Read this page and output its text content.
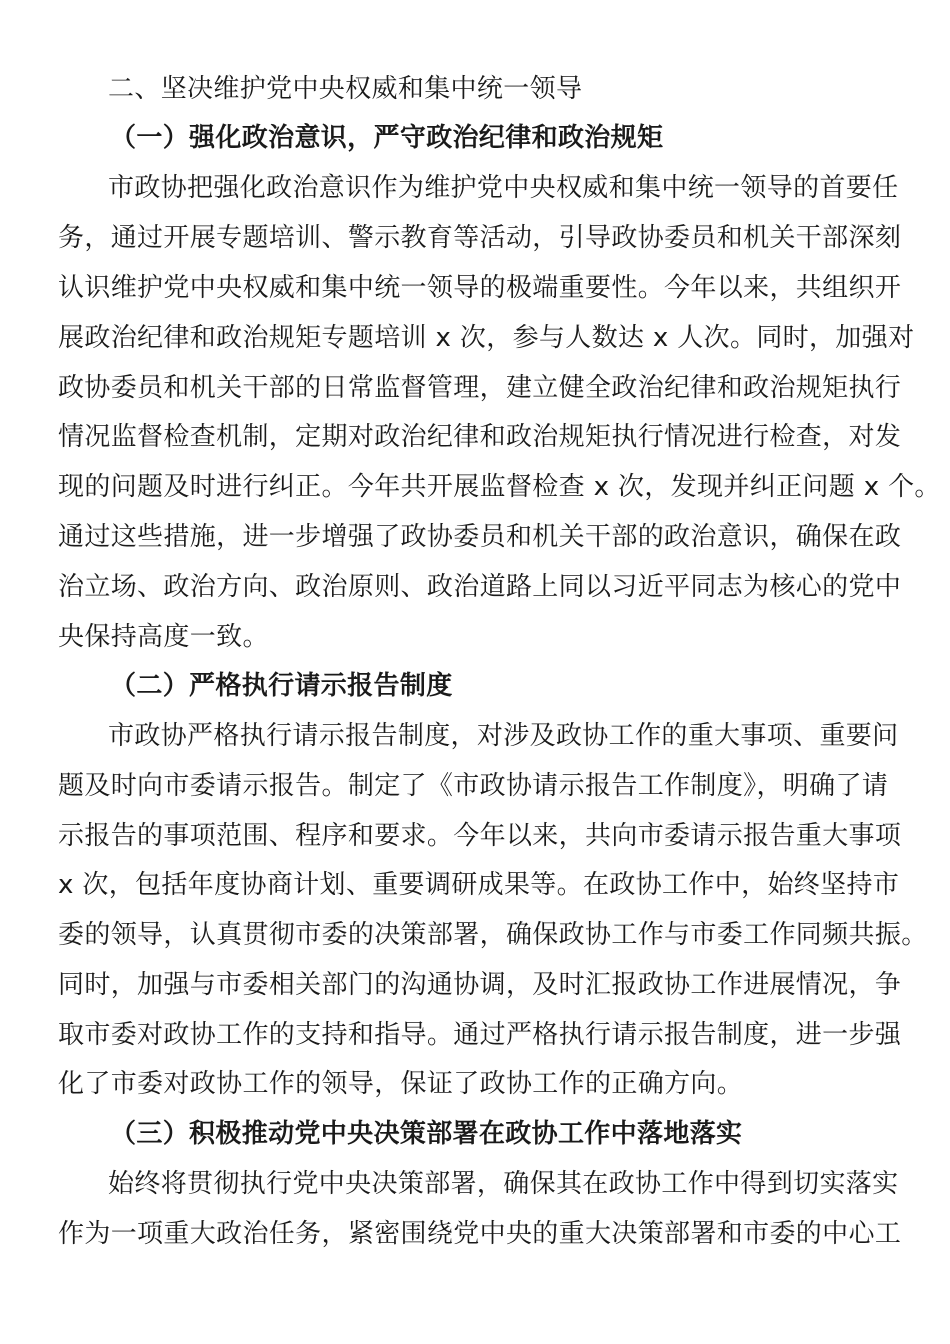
二、坚决维护党中央权威和集中统一领导
（一）强化政治意识，严守政治纪律和政治规矩
市政协把强化政治意识作为维护党中央权威和集中统一领导的首要任
务，通过开展专题培训、警示教育等活动，引导政协委员和机关干部深刻
认识维护党中央权威和集中统一领导的极端重要性。今年以来，共组织开
展政治纪律和政治规矩专题培训 x 次，参与人数达 x 人次。同时，加强对
政协委员和机关干部的日常监督管理，建立健全政治纪律和政治规矩执行
情况监督检查机制，定期对政治纪律和政治规矩执行情况进行检查，对发
现的问题及时进行纠正。今年共开展监督检查 x 次，发现并纠正问题 x 个。
通过这些措施，进一步增强了政协委员和机关干部的政治意识，确保在政
治立场、政治方向、政治原则、政治道路上同以习近平同志为核心的党中
央保持高度一致。
（二）严格执行请示报告制度
市政协严格执行请示报告制度，对涉及政协工作的重大事项、重要问
题及时向市委请示报告。制定了《市政协请示报告工作制度》，明确了请
示报告的事项范围、程序和要求。今年以来，共向市委请示报告重大事项
x 次，包括年度协商计划、重要调研成果等。在政协工作中，始终坚持市
委的领导，认真贯彻市委的决策部署，确保政协工作与市委工作同频共振。
同时，加强与市委相关部门的沟通协调，及时汇报政协工作进展情况，争
取市委对政协工作的支持和指导。通过严格执行请示报告制度，进一步强
化了市委对政协工作的领导，保证了政协工作的正确方向。
（三）积极推动党中央决策部署在政协工作中落地落实
始终将贯彻执行党中央决策部署，确保其在政协工作中得到切实落实
作为一项重大政治任务，紧密围绕党中央的重大决策部署和市委的中心工
